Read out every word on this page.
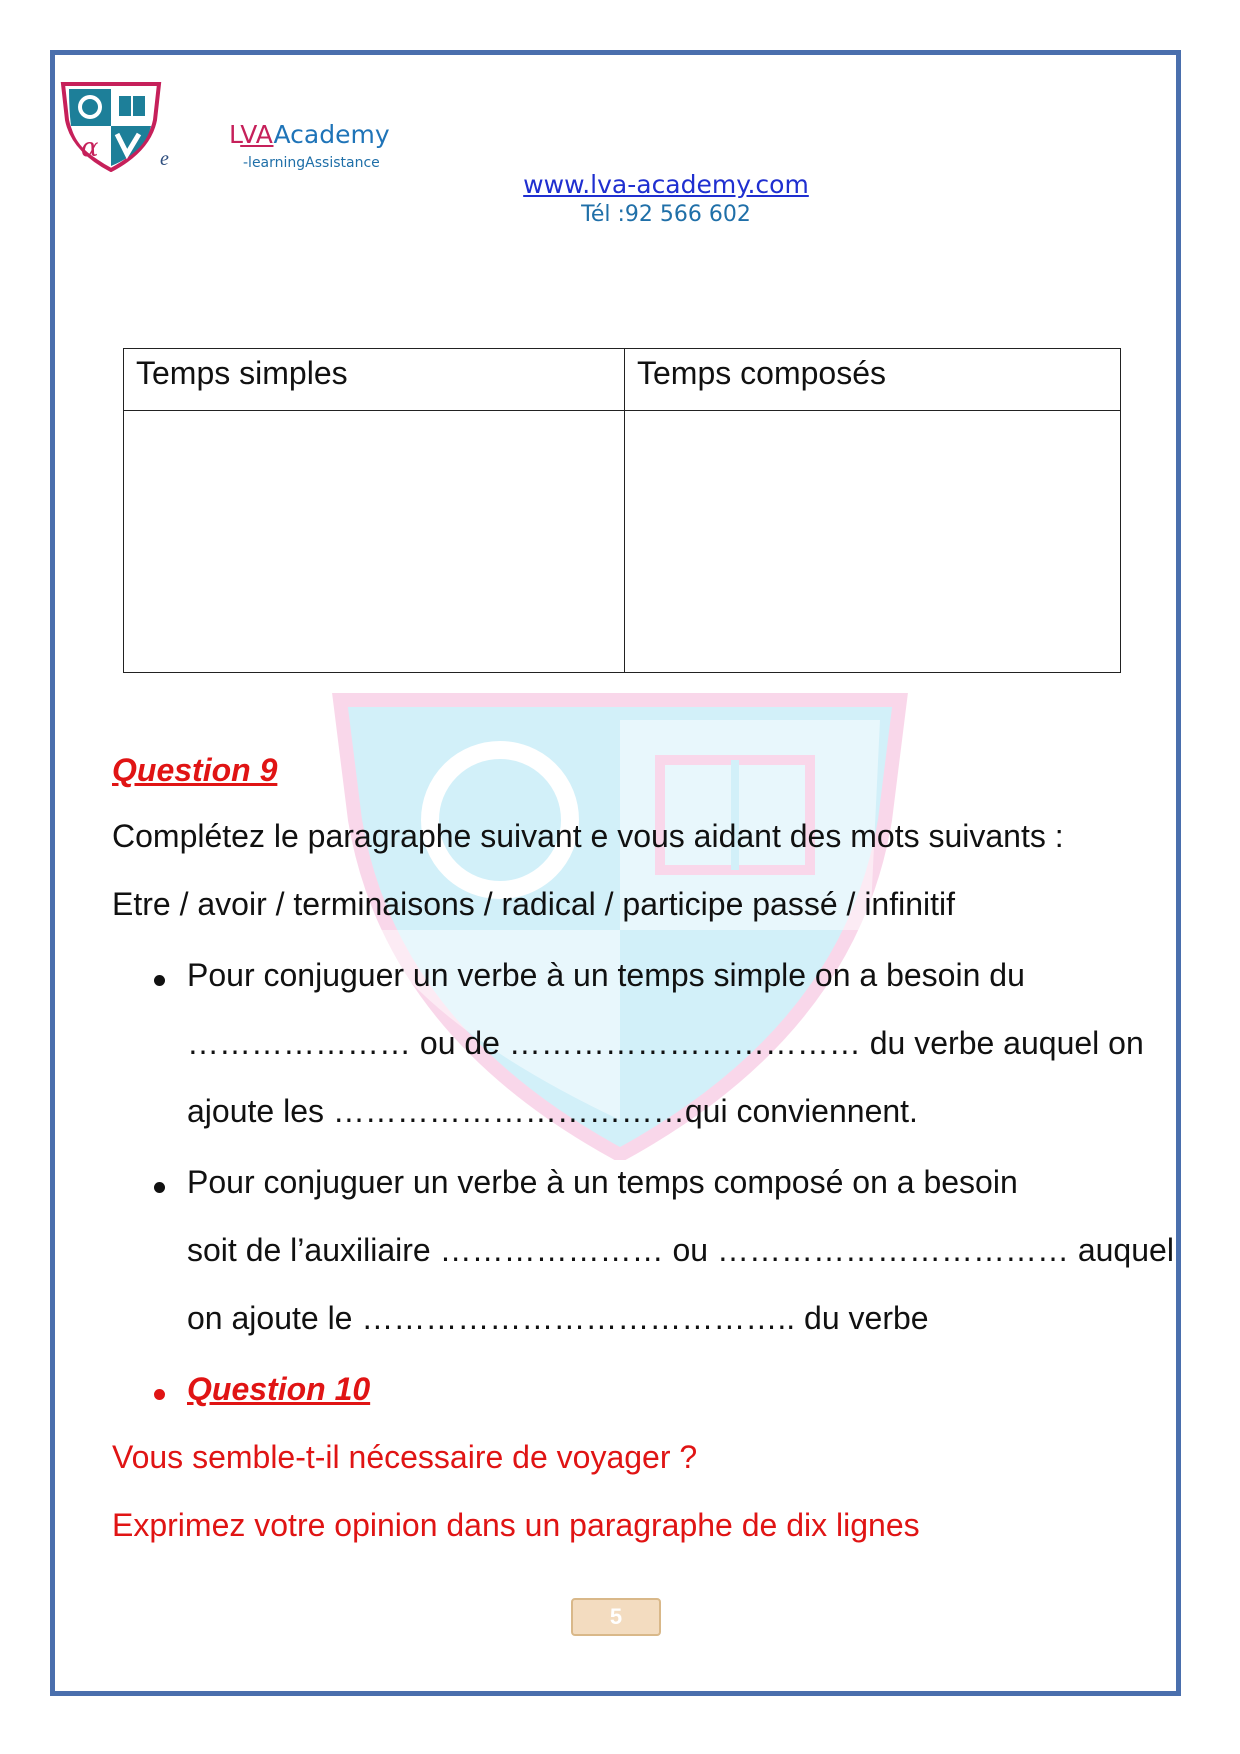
α	e
LVAAcademy
-learningAssistance
www.lva-academy.com
Tél :92 566 602
Temps simples	Temps composés

Question 9
Complétez le paragraphe suivant e vous aidant des mots suivants :
Etre / avoir / terminaisons / radical / participe passé / infinitif
Pour conjuguer un verbe à un temps simple on a besoin du
………………… ou de …………………………… du verbe auquel on
ajoute les ……………………………qui conviennent.
Pour conjuguer un verbe à un temps composé on a besoin
soit de l’auxiliaire ………………… ou …………………………… auquel
on ajoute le ………………………………….. du verbe
Question 10
Vous semble-t-il nécessaire de voyager ?
Exprimez votre opinion dans un paragraphe de dix lignes
5
